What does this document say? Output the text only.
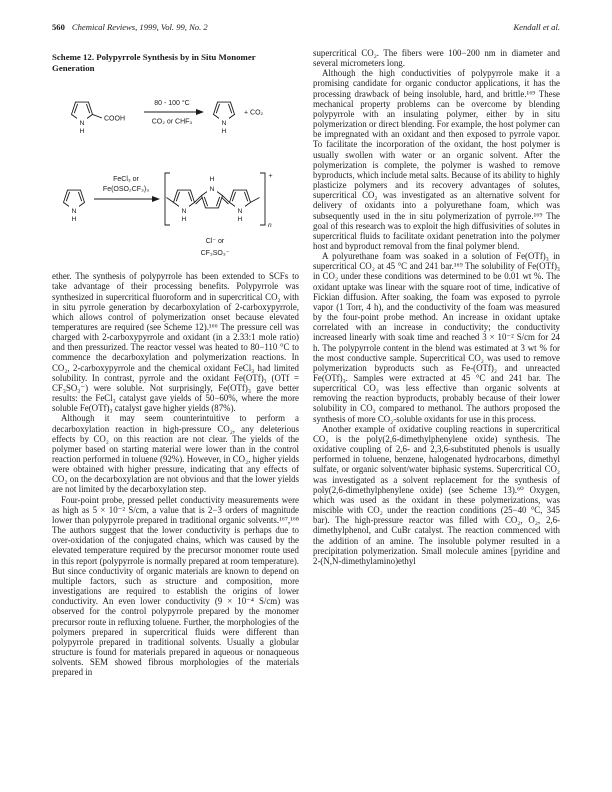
560 Chemical Reviews, 1999, Vol. 99, No. 2	Kendall et al.
Scheme 12. Polypyrrole Synthesis by in Situ Monomer Generation
N
H
COOH
80 - 100 °C
CO₂ or CHF₃	N
H
+ CO₂
N
H
FeCl₃ or
Fe(OSO₂CF₃)₃
N
H
N
H
N
H
+
n
Cl⁻ or
CF₃SO₃⁻

ether. The synthesis of polypyrrole has been extended to SCFs to take advantage of their processing benefits. Polypyrrole was synthesized in supercritical fluoroform and in supercritical CO₂ with in situ pyrrole generation by decarboxylation of 2-carboxypyrrole, which allows control of polymerization onset because elevated temperatures are required (see Scheme 12).¹⁶⁶ The pressure cell was charged with 2-carboxypyrrole and oxidant (in a 2.33:1 mole ratio) and then pressurized. The reactor vessel was heated to 80−110 °C to commence the decarboxylation and polymerization reactions. In CO₂, 2-carboxypyrrole and the chemical oxidant FeCl₃ had limited solubility. In contrast, pyrrole and the oxidant Fe(OTf)₃ (OTf = CF₃SO₃⁻) were soluble. Not surprisingly, Fe(OTf)₃ gave better results: the FeCl₃ catalyst gave yields of 50−60%, where the more soluble Fe(OTf)₃ catalyst gave higher yields (87%).

Although it may seem counterintuitive to perform a decarboxylation reaction in high-pressure CO₂, any deleterious effects by CO₂ on this reaction are not clear. The yields of the polymer based on starting material were lower than in the control reaction performed in toluene (92%). However, in CO₂, higher yields were obtained with higher pressure, indicating that any effects of CO₂ on the decarboxylation are not obvious and that the lower yields are not limited by the decarboxylation step.

Four-point probe, pressed pellet conductivity measurements were as high as 5 × 10⁻² S/cm, a value that is 2−3 orders of magnitude lower than polypyrrole prepared in traditional organic solvents.¹⁶⁷,¹⁶⁸ The authors suggest that the lower conductivity is perhaps due to over-oxidation of the conjugated chains, which was caused by the elevated temperature required by the precursor monomer route used in this report (polypyrrole is normally prepared at room temperature). But since conductivity of organic materials are known to depend on multiple factors, such as structure and composition, more investigations are required to establish the origins of lower conductivity. An even lower conductivity (9 × 10⁻⁴ S/cm) was observed for the control polypyrrole prepared by the monomer precursor route in refluxing toluene. Further, the morphologies of the polymers prepared in supercritical fluids were different than polypyrrole prepared in traditional solvents. Usually a globular structure is found for materials prepared in aqueous or nonaqueous solvents. SEM showed fibrous morphologies of the materials prepared in

supercritical CO₂. The fibers were 100−200 nm in diameter and several micrometers long.

Although the high conductivities of polypyrrole make it a promising candidate for organic conductor applications, it has the processing drawback of being insoluble, hard, and brittle.¹⁶⁹ These mechanical property problems can be overcome by blending polypyrrole with an insulating polymer, either by in situ polymerization or direct blending. For example, the host polymer can be impregnated with an oxidant and then exposed to pyrrole vapor. To facilitate the incorporation of the oxidant, the host polymer is usually swollen with water or an organic solvent. After the polymerization is complete, the polymer is washed to remove byproducts, which include metal salts. Because of its ability to highly plasticize polymers and its recovery advantages of solutes, supercritical CO₂ was investigated as an alternative solvent for delivery of oxidants into a polyurethane foam, which was subsequently used in the in situ polymerization of pyrrole.¹⁶⁹ The goal of this research was to exploit the high diffusivities of solutes in supercritical fluids to facilitate oxidant penetration into the polymer host and byproduct removal from the final polymer blend.

A polyurethane foam was soaked in a solution of Fe(OTf)₃ in supercritical CO₂ at 45 °C and 241 bar.¹⁶⁹ The solubility of Fe(OTf)₃ in CO₂ under these conditions was determined to be 0.01 wt %. The oxidant uptake was linear with the square root of time, indicative of Fickian diffusion. After soaking, the foam was exposed to pyrrole vapor (1 Torr, 4 h), and the conductivity of the foam was measured by the four-point probe method. An increase in oxidant uptake correlated with an increase in conductivity; the conductivity increased linearly with soak time and reached 3 × 10⁻² S/cm for 24 h. The polypyrrole content in the blend was estimated at 3 wt % for the most conductive sample. Supercritical CO₂ was used to remove polymerization byproducts such as Fe-(OTf)₂ and unreacted Fe(OTf)₃. Samples were extracted at 45 °C and 241 bar. The supercritical CO₂ was less effective than organic solvents at removing the reaction byproducts, probably because of their lower solubility in CO₂ compared to methanol. The authors proposed the synthesis of more CO₂-soluble oxidants for use in this process.

Another example of oxidative coupling reactions in supercritical CO₂ is the poly(2,6-dimethylphenylene oxide) synthesis. The oxidative coupling of 2,6- and 2,3,6-substituted phenols is usually performed in toluene, benzene, halogenated hydrocarbons, dimethyl sulfate, or organic solvent/water biphasic systems. Supercritical CO₂ was investigated as a solvent replacement for the synthesis of poly(2,6-dimethylphenylene oxide) (see Scheme 13).⁶⁰ Oxygen, which was used as the oxidant in these polymerizations, was miscible with CO₂ under the reaction conditions (25−40 °C, 345 bar). The high-pressure reactor was filled with CO₂, O₂, 2,6-dimethylphenol, and CuBr catalyst. The reaction commenced with the addition of an amine. The insoluble polymer resulted in a precipitation polymerization. Small molecule amines [pyridine and 2-(N,N-dimethylamino)ethyl
